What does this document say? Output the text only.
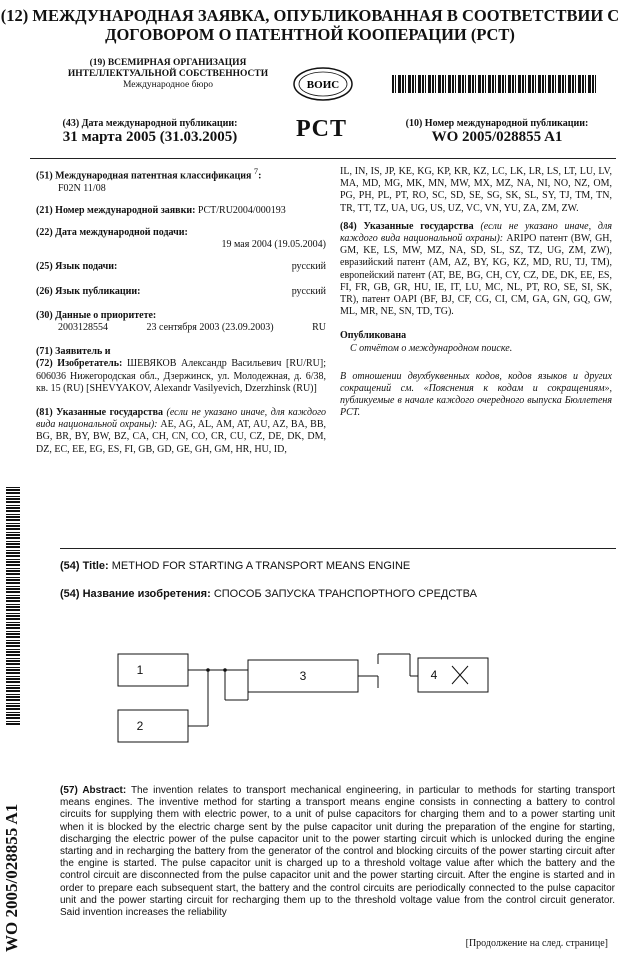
(12) МЕЖДУНАРОДНАЯ ЗАЯВКА, ОПУБЛИКОВАННАЯ В СООТВЕТСТВИИ С
ДОГОВОРОМ О ПАТЕНТНОЙ КООПЕРАЦИИ (PCT)
(19) ВСЕМИРНАЯ ОРГАНИЗАЦИЯ
ИНТЕЛЛЕКТУАЛЬНОЙ СОБСТВЕННОСТИ
Международное бюро	ВОИС
(43) Дата международной публикации:
31 марта 2005 (31.03.2005)	PCT	(10) Номер международной публикации:
WO 2005/028855 A1
(51) Международная патентная классификация $^7$:
F02N 11/08
(21) Номер международной заявки: PCT/RU2004/000193
(22) Дата международной подачи:
19 мая 2004 (19.05.2004)
(25) Язык подачи:	русский
(26) Язык публикации:	русский
(30) Данные о приоритете:
2003128554	23 сентября 2003 (23.09.2003)	RU
(71) Заявитель и
(72) Изобретатель: ШЕВЯКОВ Александр Васильевич [RU/RU]; 606036 Нижегородская обл., Дзержинск, ул. Молодежная, д. 6/38, кв. 15 (RU) [SHEVYAKOV, Alexandr Vasilyevich, Dzerzhinsk (RU)]
(81) Указанные государства (если не указано иначе, для каждого вида национальной охраны): AE, AG, AL, AM, AT, AU, AZ, BA, BB, BG, BR, BY, BW, BZ, CA, CH, CN, CO, CR, CU, CZ, DE, DK, DM, DZ, EC, EE, EG, ES, FI, GB, GD, GE, GH, GM, HR, HU, ID,
IL, IN, IS, JP, KE, KG, KP, KR, KZ, LC, LK, LR, LS, LT, LU, LV, MA, MD, MG, MK, MN, MW, MX, MZ, NA, NI, NO, NZ, OM, PG, PH, PL, PT, RO, SC, SD, SE, SG, SK, SL, SY, TJ, TM, TN, TR, TT, TZ, UA, UG, US, UZ, VC, VN, YU, ZA, ZM, ZW.
(84) Указанные государства (если не указано иначе, для каждого вида национальной охраны): ARIPO патент (BW, GH, GM, KE, LS, MW, MZ, NA, SD, SL, SZ, TZ, UG, ZM, ZW), евразийский патент (AM, AZ, BY, KG, KZ, MD, RU, TJ, TM), европейский патент (AT, BE, BG, CH, CY, CZ, DE, DK, EE, ES, FI, FR, GB, GR, HU, IE, IT, LU, MC, NL, PT, RO, SE, SI, SK, TR), патент OAPI (BF, BJ, CF, CG, CI, CM, GA, GN, GQ, GW, ML, MR, NE, SN, TD, TG).
Опубликована
С отчётом о международном поиске.
В отношении двухбуквенных кодов, кодов языков и других сокращений см. «Пояснения к кодам и сокращениям», публикуемые в начале каждого очередного выпуска Бюллетеня PCT.
WO 2005/028855 A1
(54) Title: METHOD FOR STARTING A TRANSPORT MEANS ENGINE
(54) Название изобретения: СПОСОБ ЗАПУСКА ТРАНСПОРТНОГО СРЕДСТВА
1
2
3	4
(57) Abstract: The invention relates to transport mechanical engineering, in particular to methods for starting transport means engines. The inventive method for starting a transport means engine consists in connecting a battery to control circuits for supplying them with electric power, to a unit of pulse capacitors for charging them and to a power starting unit when it is blocked by the electric charge sent by the pulse capacitor unit during the preparation of the engine for starting, discharging the electric power of the pulse capacitor unit to the power starting circuit which is unlocked during the engine starting and in recharging the battery from the generator of the control and blocking circuits of the power starting circuit after the engine is started. The pulse capacitor unit is charged up to a threshold voltage value after which the battery and the control circuit are disconnected from the pulse capacitor unit and the power starting circuit. After the engine is started and in order to prepare each subsequent start, the battery and the control circuits are periodically connected to the pulse capacitor unit and the power starting circuit for recharging them up to the threshold voltage value from the control circuit generator. Said invention increases the reliability
[Продолжение на след. странице]
